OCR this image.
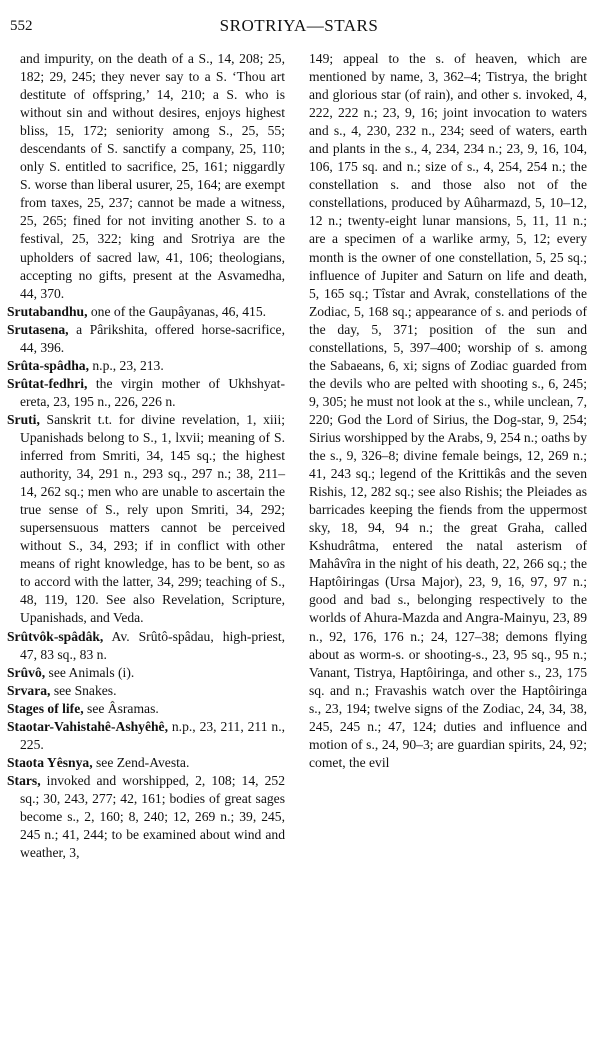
552	SROTRIYA—STARS

and impurity, on the death of a S., 14, 208; 25, 182; 29, 245; they never say to a S. ‘Thou art destitute of offspring,’ 14, 210; a S. who is without sin and without desires, enjoys highest bliss, 15, 172; seniority among S., 25, 55; descendants of S. sanctify a company, 25, 110; only S. entitled to sacrifice, 25, 161; niggardly S. worse than liberal usurer, 25, 164; are exempt from taxes, 25, 237; cannot be made a witness, 25, 265; fined for not inviting another S. to a festival, 25, 322; king and Srotriya are the upholders of sacred law, 41, 106; theologians, accepting no gifts, present at the Asvamedha, 44, 370.

Srutabandhu, one of the Gaupâyanas, 46, 415.

Srutasena, a Pârikshita, offered horse-sacrifice, 44, 396.

Srûta-spâdha, n.p., 23, 213.

Srûtat-fedhri, the virgin mother of Ukhshyat-ereta, 23, 195 n., 226, 226 n.

Sruti, Sanskrit t.t. for divine revelation, 1, xiii; Upanishads belong to S., 1, lxvii; meaning of S. inferred from Smriti, 34, 145 sq.; the highest authority, 34, 291 n., 293 sq., 297 n.; 38, 211–14, 262 sq.; men who are unable to ascertain the true sense of S., rely upon Smriti, 34, 292; supersensuous matters cannot be perceived without S., 34, 293; if in conflict with other means of right knowledge, has to be bent, so as to accord with the latter, 34, 299; teaching of S., 48, 119, 120. See also Revelation, Scripture, Upanishads, and Veda.

Srûtvôk-spâdâk, Av. Srûtô-spâdau, high-priest, 47, 83 sq., 83 n.

Srûvô, see Animals (i).

Srvara, see Snakes.

Stages of life, see Âsramas.

Staotar-Vahistahê-Ashyêhê, n.p., 23, 211, 211 n., 225.

Staota Yêsnya, see Zend-Avesta.

Stars, invoked and worshipped, 2, 108; 14, 252 sq.; 30, 243, 277; 42, 161; bodies of great sages become s., 2, 160; 8, 240; 12, 269 n.; 39, 245, 245 n.; 41, 244; to be examined about wind and weather, 3,

149; appeal to the s. of heaven, which are mentioned by name, 3, 362–4; Tistrya, the bright and glorious star (of rain), and other s. invoked, 4, 222, 222 n.; 23, 9, 16; joint invocation to waters and s., 4, 230, 232 n., 234; seed of waters, earth and plants in the s., 4, 234, 234 n.; 23, 9, 16, 104, 106, 175 sq. and n.; size of s., 4, 254, 254 n.; the constellation s. and those also not of the constellations, produced by Aûharmazd, 5, 10–12, 12 n.; twenty-eight lunar mansions, 5, 11, 11 n.; are a specimen of a warlike army, 5, 12; every month is the owner of one constellation, 5, 25 sq.; influence of Jupiter and Saturn on life and death, 5, 165 sq.; Tîstar and Avrak, constellations of the Zodiac, 5, 168 sq.; appearance of s. and periods of the day, 5, 371; position of the sun and constellations, 5, 397–400; worship of s. among the Sabaeans, 6, xi; signs of Zodiac guarded from the devils who are pelted with shooting s., 6, 245; 9, 305; he must not look at the s., while unclean, 7, 220; God the Lord of Sirius, the Dog-star, 9, 254; Sirius worshipped by the Arabs, 9, 254 n.; oaths by the s., 9, 326–8; divine female beings, 12, 269 n.; 41, 243 sq.; legend of the Krittikâs and the seven Rishis, 12, 282 sq.; see also Rishis; the Pleiades as barricades keeping the fiends from the uppermost sky, 18, 94, 94 n.; the great Graha, called Kshudrâtma, entered the natal asterism of Mahâvîra in the night of his death, 22, 266 sq.; the Haptôiringas (Ursa Major), 23, 9, 16, 97, 97 n.; good and bad s., belonging respectively to the worlds of Ahura-Mazda and Angra-Mainyu, 23, 89 n., 92, 176, 176 n.; 24, 127–38; demons flying about as worm-s. or shooting-s., 23, 95 sq., 95 n.; Vanant, Tistrya, Haptôiringa, and other s., 23, 175 sq. and n.; Fravashis watch over the Haptôiringa s., 23, 194; twelve signs of the Zodiac, 24, 34, 38, 245, 245 n.; 47, 124; duties and influence and motion of s., 24, 90–3; are guardian spirits, 24, 92; comet, the evil
